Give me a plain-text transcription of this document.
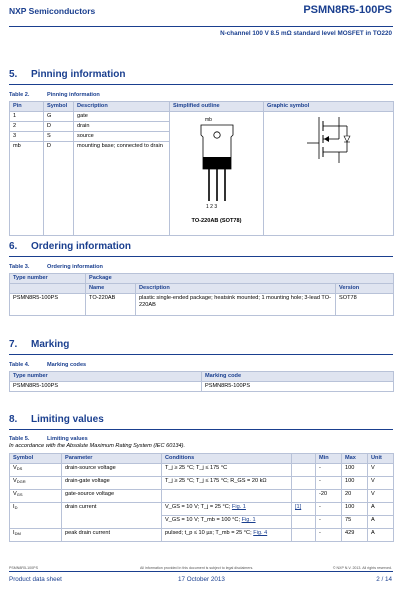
NXP Semiconductors	PSMN8R5-100PS
N-channel 100 V 8.5 mΩ standard level MOSFET in TO220
5. Pinning information
Table 2.	Pinning information
Pin	Symbol	Description	Simplified outline	Graphic symbol
1	G	gate	mb
1 2 3
TO-220AB (SOT78)

2	D	drain		
3	S	source		
mb	D	mounting base; connected to drain		
6. Ordering information
Table 3.	Ordering information
Type number	Package		
	Name	Description	Version
PSMN8R5-100PS	TO-220AB	plastic single-ended package; heatsink mounted; 1 mounting hole; 3-lead TO-220AB	SOT78
7. Marking
Table 4.	Marking codes
Type number	Marking code
PSMN8R5-100PS	PSMN8R5-100PS
8. Limiting values
Table 5.	Limiting values
In accordance with the Absolute Maximum Rating System (IEC 60134).
Symbol	Parameter	Conditions		Min	Max	Unit
$V_{DS}$	drain-source voltage	T_j ≥ 25 °C; T_j ≤ 175 °C		-	100	V
$V_{DGR}$	drain-gate voltage	T_j ≥ 25 °C; T_j ≤ 175 °C; R_GS = 20 kΩ		-	100	V
$V_{GS}$	gate-source voltage			-20	20	V
$I_D$	drain current	V_GS = 10 V; T_j = 25 °C; Fig. 1	[1]	-	100	A
		V_GS = 10 V; T_mb = 100 °C; Fig. 1		-	75	A
$I_{DM}$	peak drain current	pulsed; t_p ≤ 10 µs; T_mb = 25 °C; Fig. 4		-	429	A
PSMN8R5-100PS	All information provided in this document is subject to legal disclaimers.	© NXP N.V. 2013. All rights reserved.
Product data sheet	17 October 2013	2 / 14
